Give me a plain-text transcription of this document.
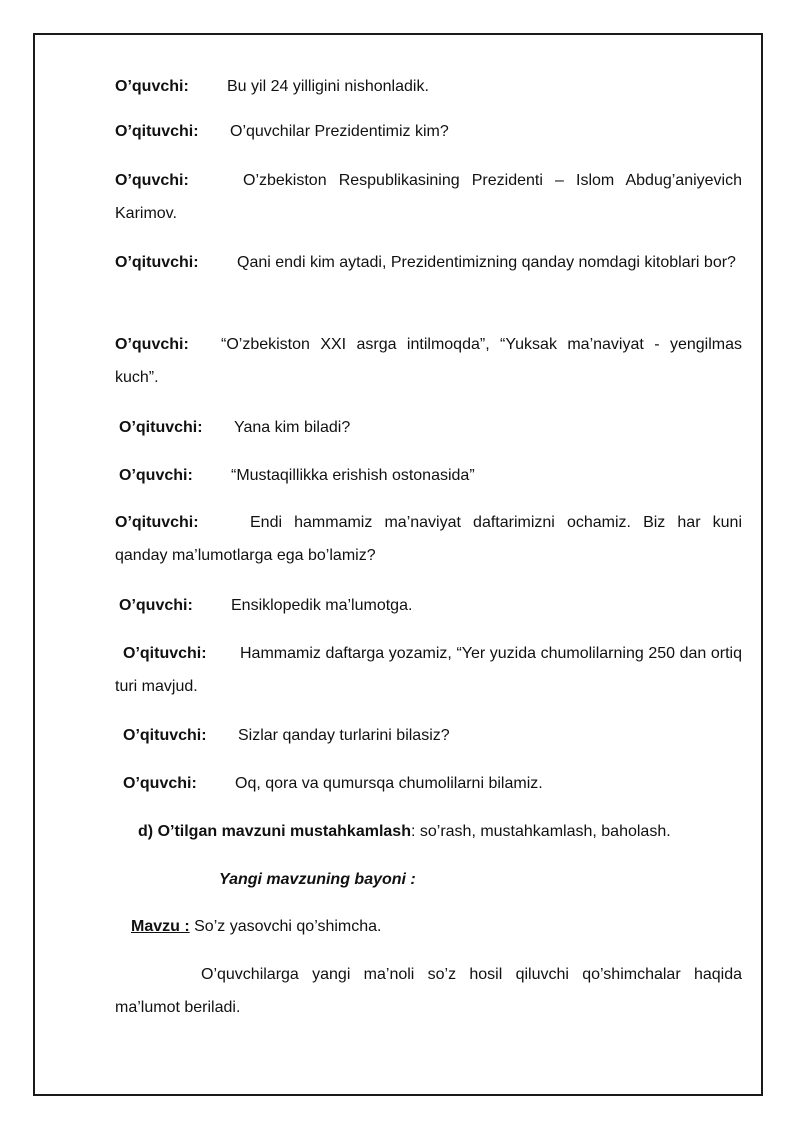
O’quvchi: Bu yil 24 yilligini nishonladik.
O’qituvchi: O’quvchilar Prezidentimiz kim?
O’quvchi:	O’zbekiston Respublikasining Prezidenti – Islom Abdug’aniyevich Karimov.
O’qituvchi: Qani endi kim aytadi, Prezidentimizning qanday nomdagi kitoblari bor?
O’quvchi: “O’zbekiston XXI asrga intilmoqda”, “Yuksak ma’naviyat - yengilmas kuch”.
O’qituvchi: Yana kim biladi?
O’quvchi: “Mustaqillikka erishish ostonasida”
O’qituvchi:	Endi hammamiz ma’naviyat daftarimizni ochamiz. Biz har kuni qanday ma’lumotlarga ega bo’lamiz?
O’quvchi: Ensiklopedik ma’lumotga.
O’qituvchi: Hammamiz daftarga yozamiz, “Yer yuzida chumolilarning 250 dan ortiq turi mavjud.
O’qituvchi: Sizlar qanday turlarini bilasiz?
O’quvchi: Oq, qora va qumursqa chumolilarni bilamiz.
d) O’tilgan mavzuni mustahkamlash: so’rash, mustahkamlash, baholash.
Yangi mavzuning bayoni :
Mavzu : So’z yasovchi qo’shimcha.
O’quvchilarga yangi ma’noli so’z hosil qiluvchi qo’shimchalar haqida ma’lumot beriladi.
